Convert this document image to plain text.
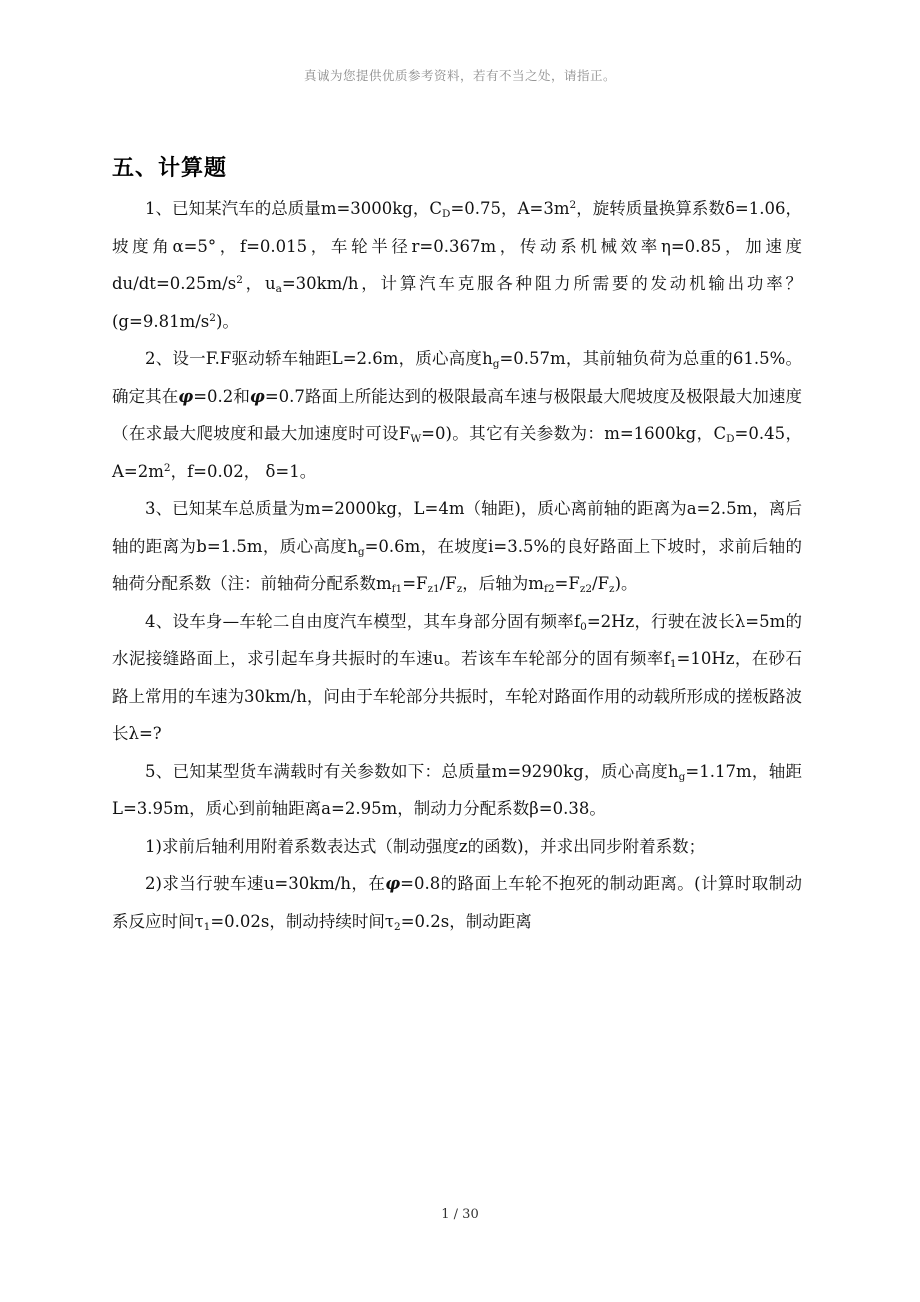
真诚为您提供优质参考资料，若有不当之处，请指正。
五、计算题

1、已知某汽车的总质量m=3000kg，$C_D=0.75$，$A=3m^2$，旋转质量换算系数δ=1.06，坡度角α=5°，f=0.015，车轮半径r=0.367m，传动系机械效率η=0.85，加速度$du/dt=0.25m/s^2$，$u_a=30km/h$，计算汽车克服各种阻力所需要的发动机输出功率？$(g=9.81m/s^2)$。

2、设一F.F驱动轿车轴距L=2.6m，质心高度$h_g=0.57m$，其前轴负荷为总重的61.5%。确定其在φ=0.2和φ=0.7路面上所能达到的极限最高车速与极限最大爬坡度及极限最大加速度（在求最大爬坡度和最大加速度时可设$F_W=0$)。其它有关参数为：m=1600kg，$C_D=0.45$，$A=2m^2$，f=0.02， δ=1。

3、已知某车总质量为m=2000kg，L=4m（轴距)，质心离前轴的距离为a=2.5m，离后轴的距离为b=1.5m，质心高度$h_g=0.6m$，在坡度i=3.5%的良好路面上下坡时，求前后轴的轴荷分配系数（注：前轴荷分配系数$m_{f1}=F_{z1}/F_z$，后轴为$m_{f2}=F_{z2}/F_z$)。

4、设车身—车轮二自由度汽车模型，其车身部分固有频率$f_0=2Hz$，行驶在波长λ=5m的水泥接缝路面上，求引起车身共振时的车速u。若该车车轮部分的固有频率$f_1=10Hz$，在砂石路上常用的车速为30km/h，问由于车轮部分共振时，车轮对路面作用的动载所形成的搓板路波长λ=?

5、已知某型货车满载时有关参数如下：总质量m=9290kg，质心高度$h_g=1.17m$，轴距L=3.95m，质心到前轴距离a=2.95m，制动力分配系数β=0.38。

1)求前后轴利用附着系数表达式（制动强度z的函数)，并求出同步附着系数；

2)求当行驶车速u=30km/h，在φ=0.8的路面上车轮不抱死的制动距离。(计算时取制动系反应时间$\tau_1=0.02s$，制动持续时间$\tau_2=0.2s$，制动距离

1 / 30
